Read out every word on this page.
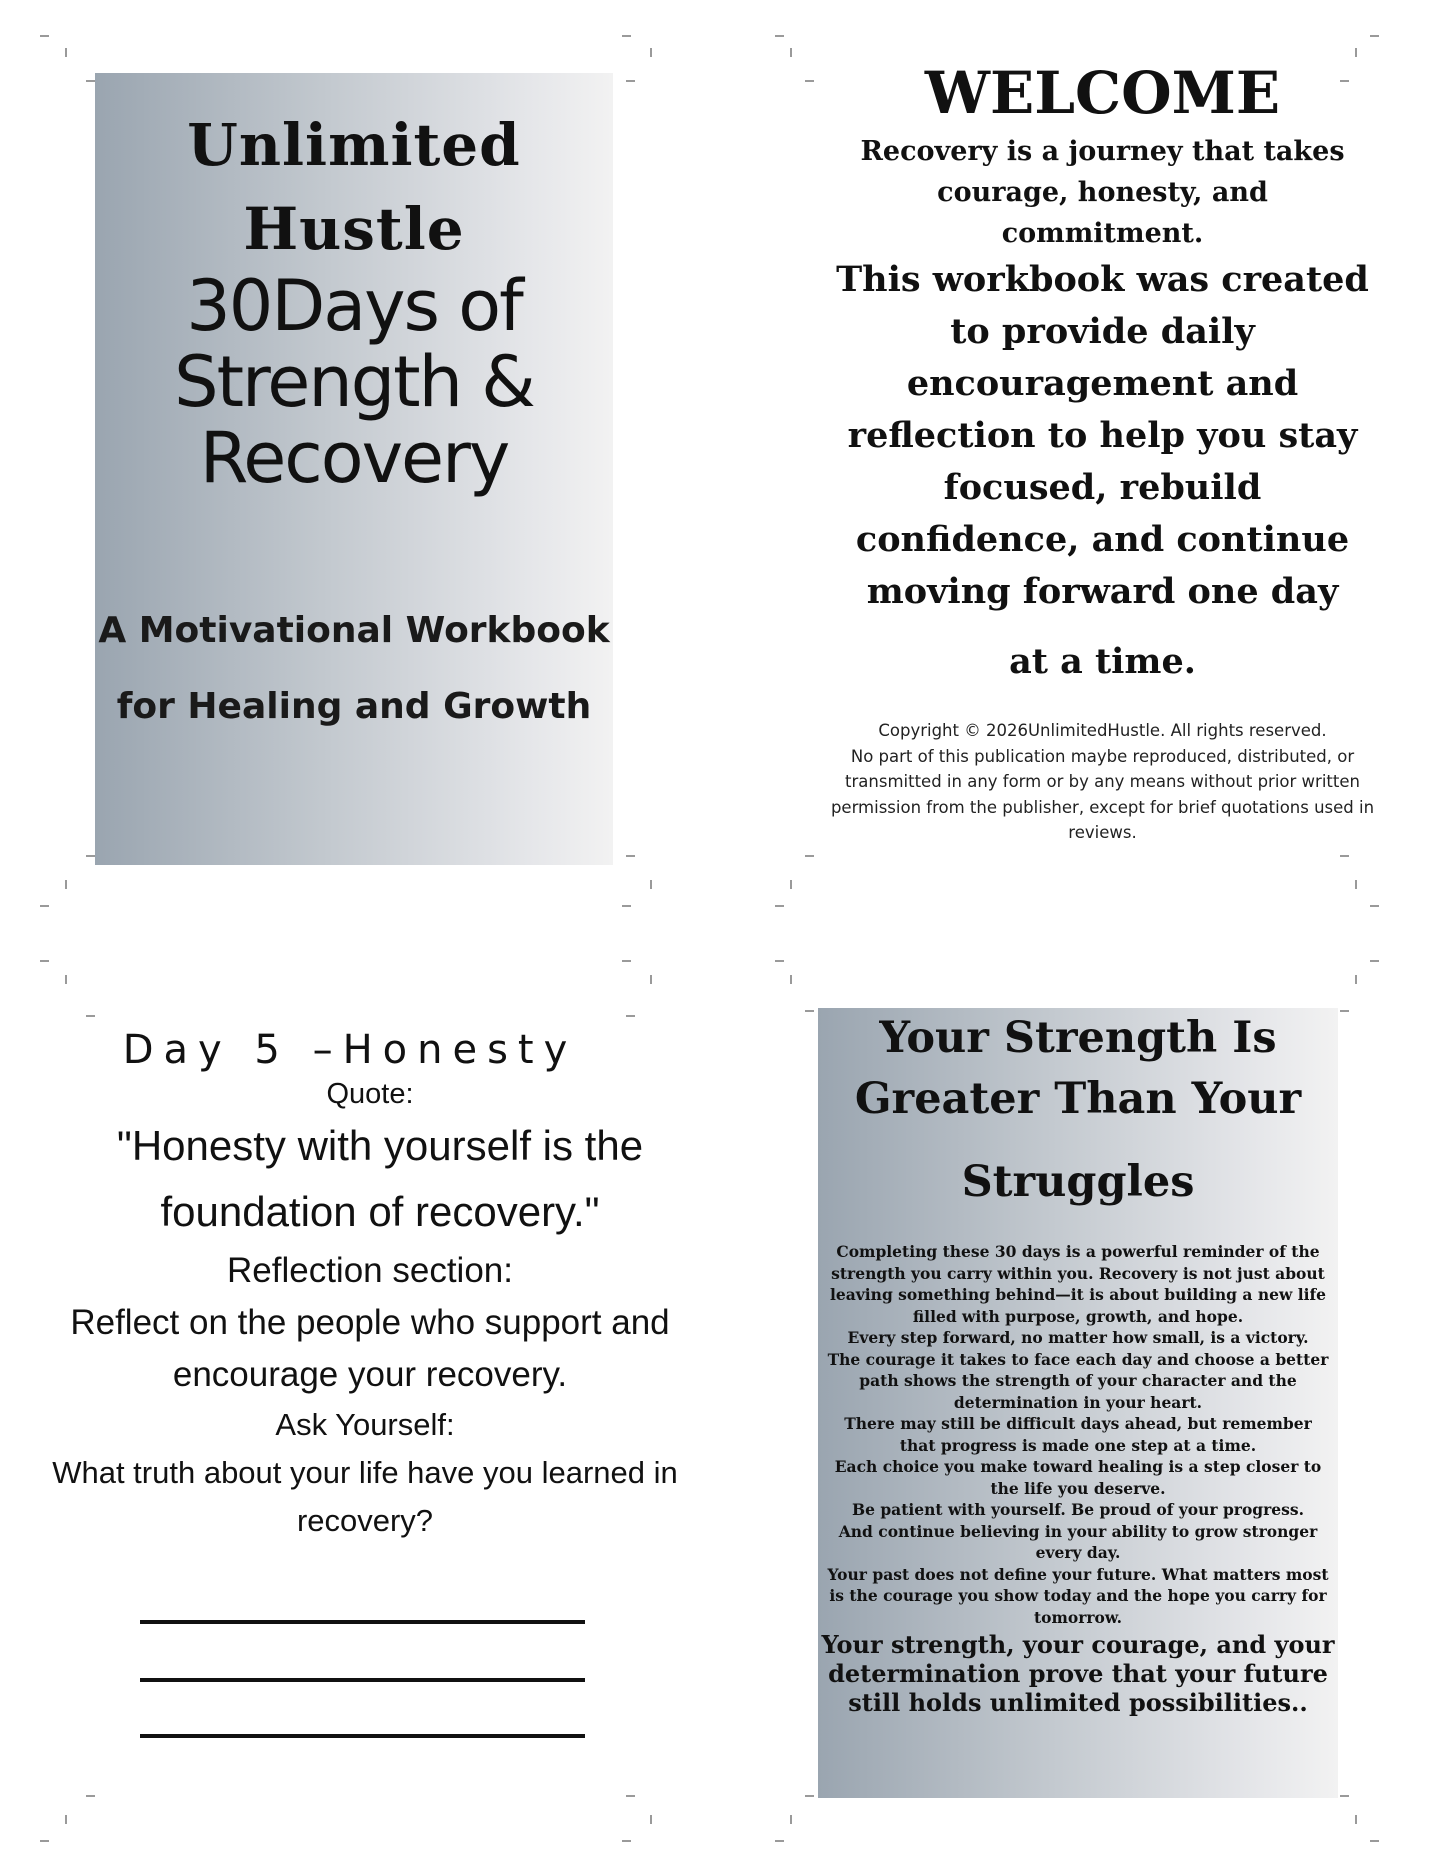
Unlimited
Hustle
30Days of
Strength &
Recovery
A Motivational Workbook
for Healing and Growth
WELCOME

Recovery is a journey that takes courage, honesty, and commitment.

This workbook was created to provide daily encouragement and reflection to help you stay focused, rebuild confidence, and continue moving forward one day

at a time.

Copyright © 2026UnlimitedHustle. All rights reserved.
No part of this publication maybe reproduced, distributed, or transmitted in any form or by any means without prior written permission from the publisher, except for brief quotations used in reviews.

Day 5 –Honesty

Quote:

"Honesty with yourself is the foundation of recovery."

Reflection section:

Reflect on the people who support and encourage your recovery.

Ask Yourself:

What truth about your life have you learned in recovery?

Your Strength Is
Greater Than Your
Struggles

Completing these 30 days is a powerful reminder of the strength you carry within you. Recovery is not just about leaving something behind—it is about building a new life filled with purpose, growth, and hope.
Every step forward, no matter how small, is a victory.
The courage it takes to face each day and choose a better path shows the strength of your character and the determination in your heart.
There may still be difficult days ahead, but remember that progress is made one step at a time.
Each choice you make toward healing is a step closer to the life you deserve.
Be patient with yourself. Be proud of your progress.
And continue believing in your ability to grow stronger every day.
Your past does not define your future. What matters most is the courage you show today and the hope you carry for tomorrow.

Your strength, your courage, and your determination prove that your future still holds unlimited possibilities..
